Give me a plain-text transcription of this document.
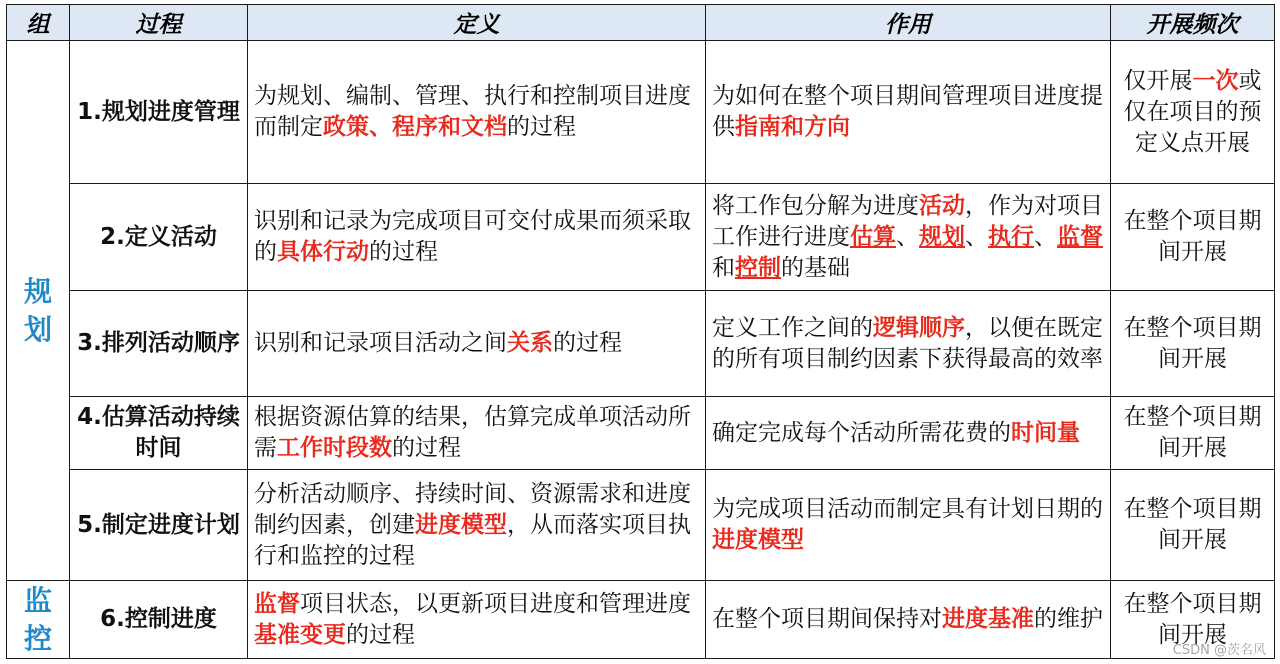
组	过程	定义	作用	开展频次
规划	1.规划进度管理	为规划、编制、管理、执行和控制项目进度而制定政策、程序和文档的过程	为如何在整个项目期间管理项目进度提供指南和方向	仅开展一次或仅在项目的预定义点开展
	2.定义活动	识别和记录为完成项目可交付成果而须采取的具体行动的过程	将工作包分解为进度活动，作为对项目工作进行进度估算、规划、执行、监督和控制的基础	在整个项目期间开展
	3.排列活动顺序	识别和记录项目活动之间关系的过程	定义工作之间的逻辑顺序，以便在既定的所有项目制约因素下获得最高的效率	在整个项目期间开展
	4.估算活动持续时间	根据资源估算的结果，估算完成单项活动所需工作时段数的过程	确定完成每个活动所需花费的时间量	在整个项目期间开展
	5.制定进度计划	分析活动顺序、持续时间、资源需求和进度制约因素，创建进度模型，从而落实项目执行和监控的过程	为完成项目活动而制定具有计划日期的进度模型	在整个项目期间开展
监控	6.控制进度	监督项目状态，以更新项目进度和管理进度基准变更的过程	在整个项目期间保持对进度基准的维护	在整个项目期间开展
CSDN @茨名风
